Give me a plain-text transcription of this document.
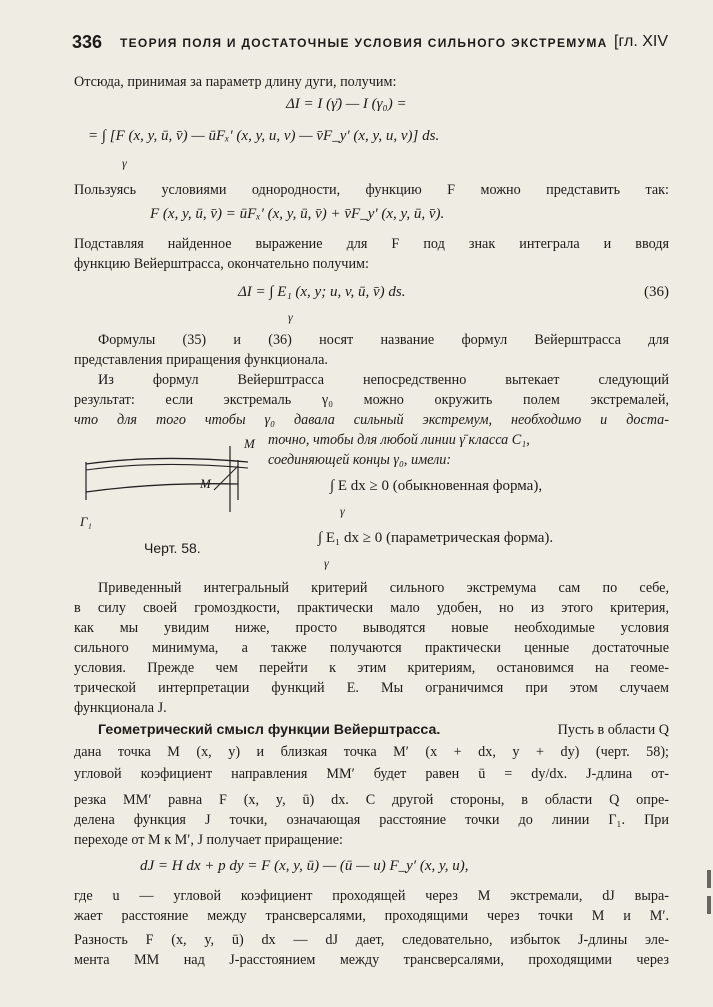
336 ТЕОРИЯ ПОЛЯ И ДОСТАТОЧНЫЕ УСЛОВИЯ СИЛЬНОГО ЭКСТРЕМУМА [гл. XIV
Отсюда, принимая за параметр длину дуги, получим:
ΔI = I (γ̄) — I (γ₀) =
= ∫ [F (x, y, ū, v̄) — ūFₓ′ (x, y, u, v) — v̄F_y′ (x, y, u, v)] ds.
γ
Пользуясь условиями однородности, функцию F можно представить так:
F (x, y, ū, v̄) = ūFₓ′ (x, y, ū, v̄) + v̄F_y′ (x, y, ū, v̄).
Подставляя найденное выражение для F под знак интеграла и вводя
функцию Вейерштрасса, окончательно получим:
ΔI = ∫ E₁ (x, y; u, v, ū, v̄) ds.	(36)
γ
Формулы (35) и (36) носят название формул Вейерштрасса для
представления приращения функционала.
Из формул Вейерштрасса непосредственно вытекает следующий
результат: если экстремаль γ₀ можно окружить полем экстремалей,
что для того чтобы γ₀ давала сильный экстремум, необходимо и доста-
M
M
Γ₁
Черт. 58.
точно, чтобы для любой линии γ̄ класса C₁,
соединяющей концы γ₀, имели:
∫ E dx ≥ 0 (обыкновенная форма),
γ
∫ E₁ dx ≥ 0 (параметрическая форма).
γ
Приведенный интегральный критерий сильного экстремума сам по себе,
в силу своей громоздкости, практически мало удобен, но из этого критерия,
как мы увидим ниже, просто выводятся новые необходимые условия
сильного минимума, а также получаются практически ценные достаточные
условия. Прежде чем перейти к этим критериям, остановимся на геоме-
трической интерпретации функций E. Мы ограничимся при этом случаем
функционала J.
Геометрический смысл функции Вейерштрасса.	Пусть в области Q
дана точка M (x, y) и близкая точка M′ (x + dx, y + dy) (черт. 58);
угловой коэфициент направления MM′ будет равен ū = dy/dx. J-длина от-
резка MM′ равна F (x, y, ū) dx. С другой стороны, в области Q опре-
делена функция J точки, означающая расстояние точки до линии Γ₁. При
переходе от M к M′, J получает приращение:
dJ = H dx + p dy = F (x, y, ū) — (ū — u) F_y′ (x, y, u),
где u — угловой коэфициент проходящей через M экстремали, dJ выра-
жает расстояние между трансверсалями, проходящими через точки M и M′.
Разность F (x, y, ū) dx — dJ дает, следовательно, избыток J-длины эле-
мента MM над J-расстоянием между трансверсалями, проходящими через
